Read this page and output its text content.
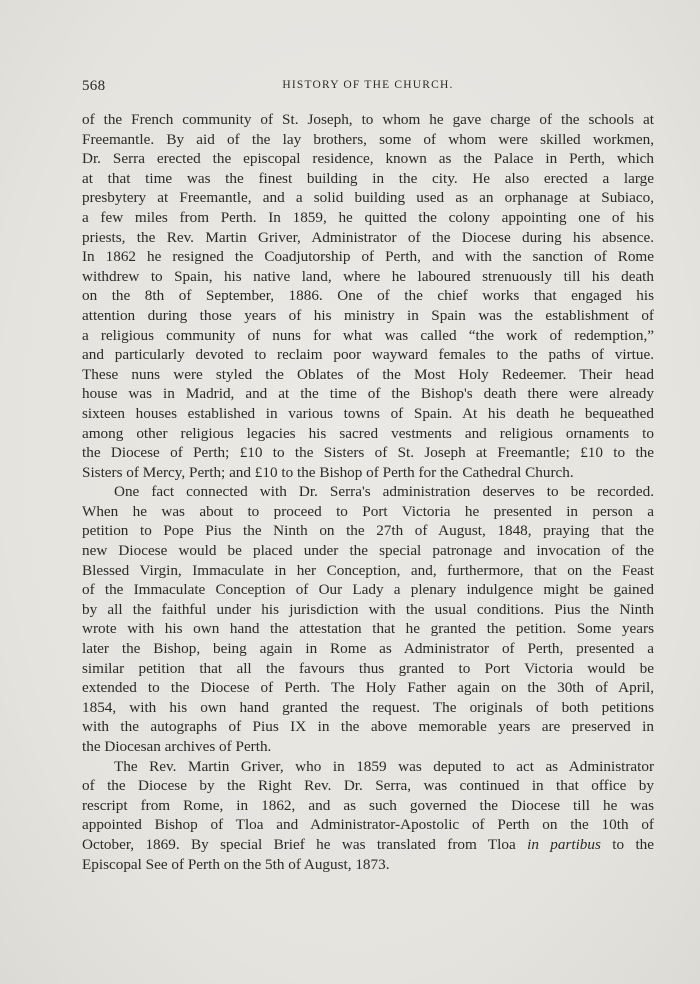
568	HISTORY OF THE CHURCH.
of the French community of St. Joseph, to whom he gave charge of the schools at
Freemantle. By aid of the lay brothers, some of whom were skilled workmen,
Dr. Serra erected the episcopal residence, known as the Palace in Perth, which
at that time was the finest building in the city. He also erected a large
presbytery at Freemantle, and a solid building used as an orphanage at Subiaco,
a few miles from Perth. In 1859, he quitted the colony appointing one of his
priests, the Rev. Martin Griver, Administrator of the Diocese during his absence.
In 1862 he resigned the Coadjutorship of Perth, and with the sanction of Rome
withdrew to Spain, his native land, where he laboured strenuously till his death
on the 8th of September, 1886. One of the chief works that engaged his
attention during those years of his ministry in Spain was the establishment of
a religious community of nuns for what was called “the work of redemption,”
and particularly devoted to reclaim poor wayward females to the paths of virtue.
These nuns were styled the Oblates of the Most Holy Redeemer. Their head
house was in Madrid, and at the time of the Bishop's death there were already
sixteen houses established in various towns of Spain. At his death he bequeathed
among other religious legacies his sacred vestments and religious ornaments to
the Diocese of Perth; £10 to the Sisters of St. Joseph at Freemantle; £10 to the
Sisters of Mercy, Perth; and £10 to the Bishop of Perth for the Cathedral Church.
One fact connected with Dr. Serra's administration deserves to be recorded.
When he was about to proceed to Port Victoria he presented in person a
petition to Pope Pius the Ninth on the 27th of August, 1848, praying that the
new Diocese would be placed under the special patronage and invocation of the
Blessed Virgin, Immaculate in her Conception, and, furthermore, that on the Feast
of the Immaculate Conception of Our Lady a plenary indulgence might be gained
by all the faithful under his jurisdiction with the usual conditions. Pius the Ninth
wrote with his own hand the attestation that he granted the petition. Some years
later the Bishop, being again in Rome as Administrator of Perth, presented a
similar petition that all the favours thus granted to Port Victoria would be
extended to the Diocese of Perth. The Holy Father again on the 30th of April,
1854, with his own hand granted the request. The originals of both petitions
with the autographs of Pius IX in the above memorable years are preserved in
the Diocesan archives of Perth.
The Rev. Martin Griver, who in 1859 was deputed to act as Administrator
of the Diocese by the Right Rev. Dr. Serra, was continued in that office by
rescript from Rome, in 1862, and as such governed the Diocese till he was
appointed Bishop of Tloa and Administrator-Apostolic of Perth on the 10th of
October, 1869. By special Brief he was translated from Tloa in partibus to the
Episcopal See of Perth on the 5th of August, 1873.
